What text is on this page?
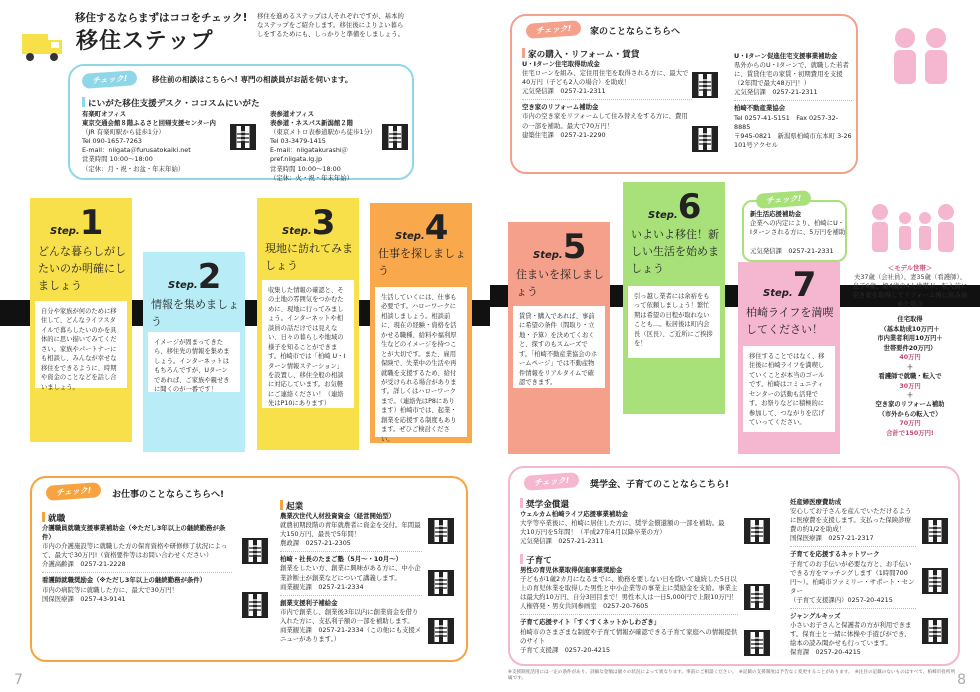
移住するならまずはココをチェック!
移住ステップ
移住を進めるステップは人それぞれですが、基本的なステップをご紹介します。移住後によりよい暮らしをするためにも、しっかりと準備をしましょう。
チェック!	移住前の相談はこちらへ! 専門の相談員がお話を伺います。
にいがた移住支援デスク・ココスムにいがた
有楽町オフィス
東京交通会館８階ふるさと回帰支援センター内
（JR 有楽町駅から徒歩1分）
Tel 090-1657-7263
E-mail：niigata＠furusatokaiki.net
営業時間 10:00～18:00
（定休：月・祝・お盆・年末年始）
表参道オフィス
表参道・ネスパス新潟館２階
（東京メトロ表参道駅から徒歩1分）
Tel 03-3479-1415
E-mail：niigatakurashi＠pref.niigata.lg.jp
営業時間 10:00～18:00
（定休：火・祝・年末年始）
Step.1
どんな暮らしがしたいのか明確にしましょう
自分や家族が何のために移住して、どんなライフスタイルで暮らしたいのかを具体的に思い描いてみてください。家族やパートナーにも相談し、みんなが幸せな移住をできるように、時期や資金のことなどを話し合いましょう。
Step.2
情報を集めましょう
イメージが固まってきたら、移住先の情報を集めましょう。インターネットはもちろんですが、Uターンであれば、ご家族や親せきに聞くのが一番です！
Step.3
現地に訪れてみましょう
収集した情報の確認と、その土地の雰囲気をつかむために、現地に行ってみましょう。インターネットや相談員の話だけでは見えない、日々の暮らしや地域の様子を知ることができます。柏崎市では「柏崎 U・Iターン情報ステーション」を設置し、移住全般の相談に対応しています。お気軽にご連絡ください！（連絡先はP10にあります）
Step.4
仕事を探しましょう
生活していくには、仕事も必要です。ハローワークに相談しましょう。相談前に、現在の経験・資格を活かせる職種、給料や福利厚生などのイメージを持つことが大切です。また、雇用保険で、失業中の生活や再就職を支援するため、給付が受けられる場合があります。詳しくはハローワークまで。（連絡先はP8にあります）柏崎市では、起業・創業を応援する制度もあります。ぜひご検討ください。
Step.5
住まいを探しましょう
賃貸・購入であれば、事前に希望の条件（間取り・立地・予算）を決めてくおくと、探すのもスムーズです。「柏崎不動産業協会のホームページ」では不動産物件情報をリアルタイムで確認できます。
Step.6
いよいよ移住！新しい生活を始めましょう
引っ越し業者には余裕をもって依頼しましょう！繁忙期は希望の日程が取れないことも…。転居後は町内会長（区長）、ご近所にご挨拶を！
Step.7
柏崎ライフを満喫してください！
移住することではなく、移住後に柏崎ライフを満喫していくことが本当のゴールです。柏崎はコミュニティセンターの活動も活発です。お祭りなどに積極的に参加して、つながりを広げていってください。
チェック!
新生活応援補助金
企業への内定により、柏崎にU・Iターンされる方に、5万円を補助
元気発信課　0257-21-2331
＜モデル世帯＞
夫37歳（会社員）、妻35歳（看護師）、息子6歳、娘4歳の4人世帯が、転入前に空き家を取得してリフォーム後に住み始めた場合
住宅取得
（基本助成10万円＋
市内業者利用10万円＋
世帯要件20万円）
40万円
＋
看護師で就職・転入で
30万円
＋
空き家のリフォーム補助
（市外からの転入で）
70万円
合計で150万円!
チェック!	家のことならこちらへ
家の購入・リフォーム・賃貸
U・Iターン住宅取得助成金
住宅ローンを組み、定住用住宅を取得される方に、最大で40万円（子ども2人の場合）を助成！
元気発信課　0257-21-2311
空き家のリフォーム補助金
市内の空き家をリフォームして住み替えをする方に、費用の一部を補助。最大で70万円！
建築住宅課　0257-21-2290
U・Iターン促進住宅支援事業補助金
県外からのU・Iターンで、就職した若者に、賃貸住宅の家賃・初期費用を支援（2年間で最大48万円！）
元気発信課　0257-21-2311
柏崎不動産業協会
Tel 0257-41-5151　Fax 0257-32-8885
〒945-0821　新潟県柏崎市东本町 3-26 101号アクセル
チェック!	お仕事のことならこちらへ!
就職
介護職員就職支援事業補助金（※ただし3年以上の継続勤務が条件）
市内の介護施設等に就職した方の保育資格や研修修了状況によって、最大で30万円!（資格要件等はお問い合わせください）
介護高齢課　0257-21-2228
看護師就職奨励金（※ただし3年以上の継続勤務が条件）
市内の病院等に就職した方に、最大で30万円！
国保医療課　0257-43-9141
起業
農業次世代人材投資資金（経営開始型）
就農初期段階の青年就農者に資金を交付。年間最大150万円、最長で5年間！
農政課　0257-21-2305
柏崎・社長のたまご塾（5月～・10月～）
創業をしたい方、創業に興味がある方に、中小企業診断士が創業などについて講義します。
商業観光課　0257-21-2334
創業支援利子補給金
市内で創業し、創業後3年以内に創業資金を借り入れた方に、支払利子額の一部を補助します。
商業観光課　0257-21-2334（この他にも支援メニューがあります。）
チェック!	奨学金、子育てのことならこちら!
奨学金償還
ウェルカム柏崎ライフ応援事業補助金
大学等卒業後に、柏崎に居住した方に、奨学金償還額の一部を補助。最大10万円を5年間！（平成27年4月以降卒業の方）
元気発信課　0257-21-2311
子育て
男性の育児休業取得促進事業奨励金
子どもが1歳2カ月になるまでに、勤務を要しない日を除いて連続した5日以上の育児休業を取得した男性と中小企業等の事業主に奨励金を支給。事業主は最大約10万円、自分3回目まで！男性本人は一日5,000円で上限10万円！
人権啓発・男女共同参画室　0257-20-7605
子育て応援サイト「すくすくネットかしわざき」
柏崎市のさまざまな制度や子育て情報が確認できる子育て家庭への情報提供のサイト
子育て支援課　0257-20-4215
妊産婦医療費助成
安心してお子さんを産んでいただけるように医療費を支援します。支払った保険診療費の約1/2を助成！
国保医療課　0257-21-2317
子育てを応援するネットワーク
子育てのお手伝いが必要な方と、お手伝いできる方をマッチングします（1時間700円〜）。柏崎市ファミリー・サポート・センター
（子育て支援課内）0257-20-4215
ジャングルキッズ
小さいお子さんと保護者の方が利用できます。保育士と一緒に体操や手遊びができ、絵本の読み聞かせも行っています。
保育課　0257-20-4215
※支援制度活用には一定の条件があり、詳細な金額は個々の状況によって異なります。事前にご相談ください。　※記載の支援制度は予告なく変更することがあります。　※注目の記載のないものはすべて、柏崎市役所所属です。
7	8
